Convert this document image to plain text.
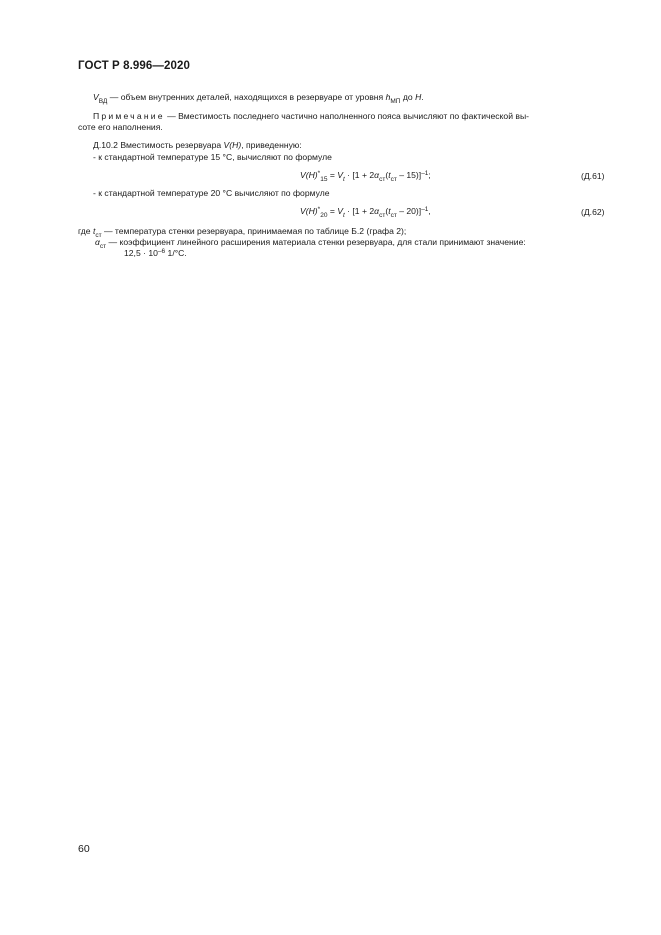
ГОСТ Р 8.996—2020
$V_{ВД}$ — объем внутренних деталей, находящихся в резервуаре от уровня $h_{МП}$ до H.
Примечание — Вместимость последнего частично наполненного пояса вычисляют по фактической вы-
соте его наполнения.
Д.10.2 Вместимость резервуара V(H), приведенную:
- к стандартной температуре 15 °С, вычисляют по формуле
$V(H)^*_{15} = V_t \cdot [1 + 2\alpha_{ст}(t_{ст} - 15)]^{-1}$;	(Д.61)
- к стандартной температуре 20 °С вычисляют по формуле
$V(H)^*_{20} = V_t \cdot [1 + 2\alpha_{ст}(t_{ст} - 20)]^{-1}$,	(Д.62)
где $t_{ст}$ — температура стенки резервуара, принимаемая по таблице Б.2 (графа 2);
$\alpha_{ст}$ — коэффициент линейного расширения материала стенки резервуара, для стали принимают значение:
$12,5 \cdot 10^{-6}$ 1/°С.
60
